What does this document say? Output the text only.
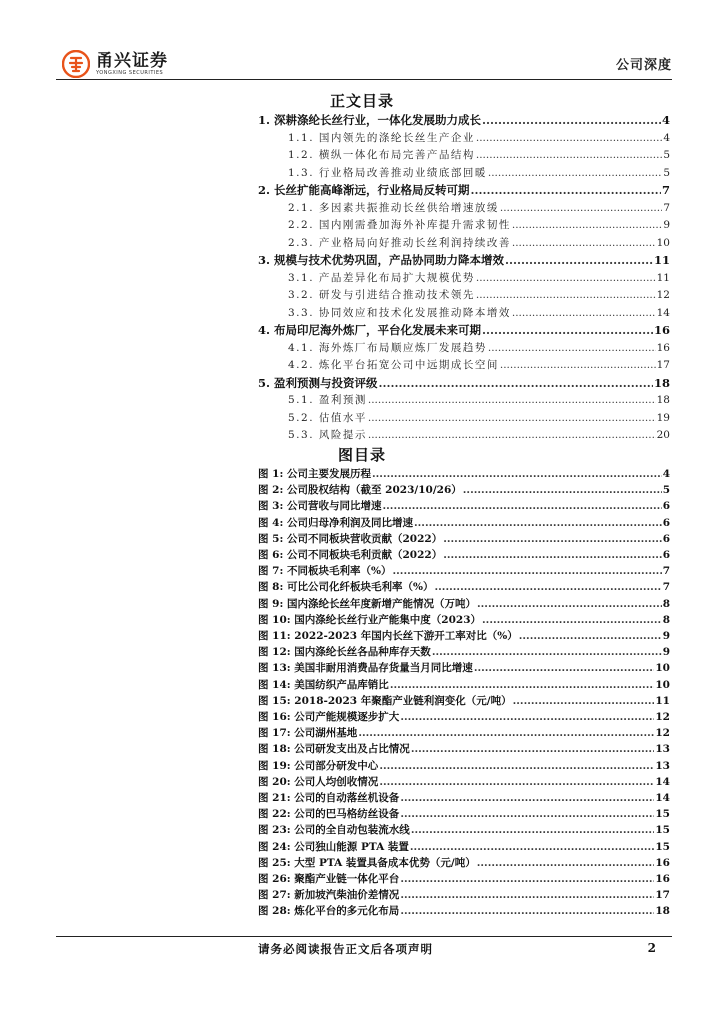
甬兴证券
YONGXING SECURITIES	公司深度
正文目录
1. 深耕涤纶长丝行业，一体化发展助力成长 .....	4
1.1. 国内领先的涤纶长丝生产企业 .....	4
1.2. 横纵一体化布局完善产品结构 .....	5
1.3. 行业格局改善推动业绩底部回暖 .....	5
2. 长丝扩能高峰渐远，行业格局反转可期 .....	7
2.1. 多因素共振推动长丝供给增速放缓 .....	7
2.2. 国内刚需叠加海外补库提升需求韧性 .....	9
2.3. 产业格局向好推动长丝利润持续改善 .....	10
3. 规模与技术优势巩固，产品协同助力降本增效 .....	11
3.1. 产品差异化布局扩大规模优势 .....	11
3.2. 研发与引进结合推动技术领先 .....	12
3.3. 协同效应和技术化发展推动降本增效 .....	14
4. 布局印尼海外炼厂，平台化发展未来可期 .....	16
4.1. 海外炼厂布局顺应炼厂发展趋势 .....	16
4.2. 炼化平台拓宽公司中远期成长空间 .....	17
5. 盈利预测与投资评级 .....	18
5.1. 盈利预测 .....	18
5.2. 估值水平 .....	19
5.3. 风险提示 .....	20
图目录
图 1: 公司主要发展历程 .....	4
图 2: 公司股权结构（截至 2023/10/26） .....	5
图 3: 公司营收与同比增速 .....	6
图 4: 公司归母净利润及同比增速 .....	6
图 5: 公司不同板块营收贡献（2022） .....	6
图 6: 公司不同板块毛利贡献（2022） .....	6
图 7: 不同板块毛利率（%） .....	7
图 8: 可比公司化纤板块毛利率（%） .....	7
图 9: 国内涤纶长丝年度新增产能情况（万吨） .....	8
图 10: 国内涤纶长丝行业产能集中度（2023） .....	8
图 11: 2022-2023 年国内长丝下游开工率对比（%） .....	9
图 12: 国内涤纶长丝各品种库存天数 .....	9
图 13: 美国非耐用消费品存货量当月同比增速 .....	10
图 14: 美国纺织产品库销比 .....	10
图 15: 2018-2023 年聚酯产业链利润变化（元/吨） .....	11
图 16: 公司产能规模逐步扩大 .....	12
图 17: 公司湖州基地 .....	12
图 18: 公司研发支出及占比情况 .....	13
图 19: 公司部分研发中心 .....	13
图 20: 公司人均创收情况 .....	14
图 21: 公司的自动落丝机设备 .....	14
图 22: 公司的巴马格纺丝设备 .....	15
图 23: 公司的全自动包装流水线 .....	15
图 24: 公司独山能源 PTA 装置 .....	15
图 25: 大型 PTA 装置具备成本优势（元/吨） .....	16
图 26: 聚酯产业链一体化平台 .....	16
图 27: 新加坡汽柴油价差情况 .....	17
图 28: 炼化平台的多元化布局 .....	18
请务必阅读报告正文后各项声明	2
